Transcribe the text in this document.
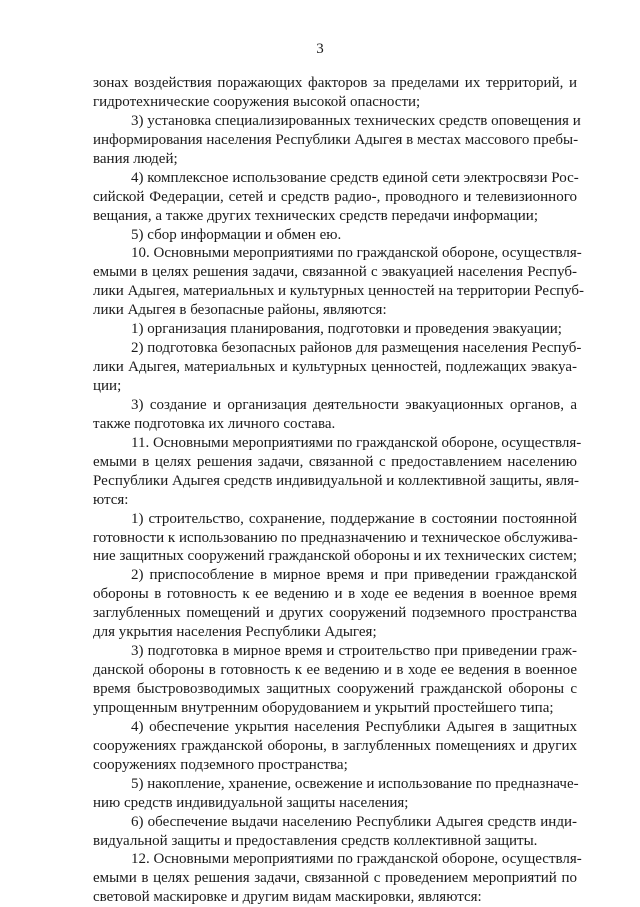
3
зонах воздействия поражающих факторов за пределами их территорий, и
гидротехнические сооружения высокой опасности;
3) установка специализированных технических средств оповещения и
информирования населения Республики Адыгея в местах массового пребы-
вания людей;
4) комплексное использование средств единой сети электросвязи Рос-
сийской Федерации, сетей и средств радио-, проводного и телевизионного
вещания, а также других технических средств передачи информации;
5) сбор информации и обмен ею.
10. Основными мероприятиями по гражданской обороне, осуществля-
емыми в целях решения задачи, связанной с эвакуацией населения Респуб-
лики Адыгея, материальных и культурных ценностей на территории Респуб-
лики Адыгея в безопасные районы, являются:
1) организация планирования, подготовки и проведения эвакуации;
2) подготовка безопасных районов для размещения населения Респуб-
лики Адыгея, материальных и культурных ценностей, подлежащих эвакуа-
ции;
3) создание и организация деятельности эвакуационных органов, а
также подготовка их личного состава.
11. Основными мероприятиями по гражданской обороне, осуществля-
емыми в целях решения задачи, связанной с предоставлением населению
Республики Адыгея средств индивидуальной и коллективной защиты, явля-
ются:
1) строительство, сохранение, поддержание в состоянии постоянной
готовности к использованию по предназначению и техническое обслужива-
ние защитных сооружений гражданской обороны и их технических систем;
2) приспособление в мирное время и при приведении гражданской
обороны в готовность к ее ведению и в ходе ее ведения в военное время
заглубленных помещений и других сооружений подземного пространства
для укрытия населения Республики Адыгея;
3) подготовка в мирное время и строительство при приведении граж-
данской обороны в готовность к ее ведению и в ходе ее ведения в военное
время быстровозводимых защитных сооружений гражданской обороны с
упрощенным внутренним оборудованием и укрытий простейшего типа;
4) обеспечение укрытия населения Республики Адыгея в защитных
сооружениях гражданской обороны, в заглубленных помещениях и других
сооружениях подземного пространства;
5) накопление, хранение, освежение и использование по предназначе-
нию средств индивидуальной защиты населения;
6) обеспечение выдачи населению Республики Адыгея средств инди-
видуальной защиты и предоставления средств коллективной защиты.
12. Основными мероприятиями по гражданской обороне, осуществля-
емыми в целях решения задачи, связанной с проведением мероприятий по
световой маскировке и другим видам маскировки, являются:
